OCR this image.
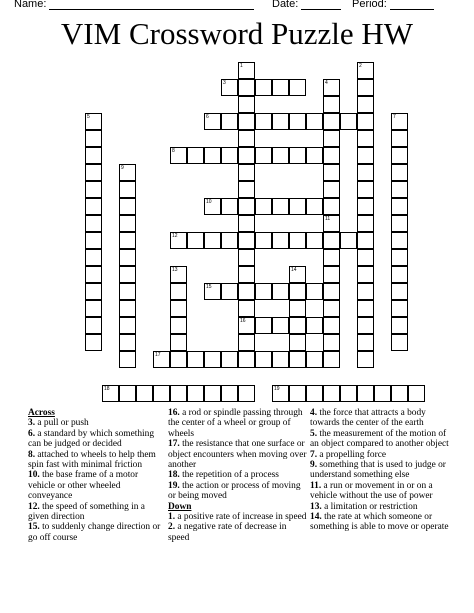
Name:	Date:	Period:
VIM Crossword Puzzle HW
1	2
3	4
5	6	7
8
9
10
11
12
13	14
15
16
17
18	19

Across

3. a pull or push

6. a standard by which something can be judged or decided

8. attached to wheels to help them spin fast with minimal friction

10. the base frame of a motor vehicle or other wheeled conveyance

12. the speed of something in a given direction

15. to suddenly change direction or go off course

16. a rod or spindle passing through the center of a wheel or group of wheels

17. the resistance that one surface or object encounters when moving over another

18. the repetition of a process

19. the action or process of moving or being moved

Down

1. a positive rate of increase in speed

2. a negative rate of decrease in speed

4. the force that attracts a body towards the center of the earth

5. the measurement of the motion of an object compared to another object

7. a propelling force

9. something that is used to judge or understand something else

11. a run or movement in or on a vehicle without the use of power

13. a limitation or restriction

14. the rate at which someone or something is able to move or operate
